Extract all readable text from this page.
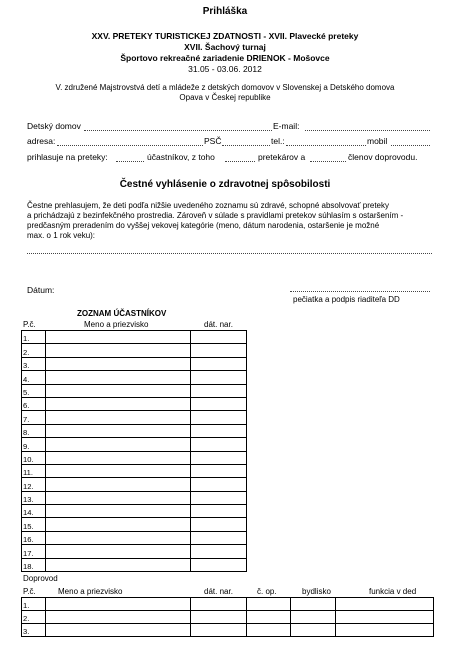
Prihláška
XXV. PRETEKY TURISTICKEJ ZDATNOSTI - XVII. Plavecké preteky
XVII. Šachový turnaj
Športovo rekreačné zariadenie DRIENOK - Mošovce
31.05 - 03.06. 2012
V. združené Majstrovstvá detí a mládeže z detských domovov v Slovenskej a Detského domova
Opava v Českej republike
Detský domov	E-mail:
adresa:	PSČ	tel.:	mobil
prihlasuje na preteky:	účastníkov, z toho	pretekárov a	členov doprovodu.
Čestné vyhlásenie o zdravotnej spôsobilosti
Čestne prehlasujem, že deti podľa nižšie uvedeného zoznamu sú zdravé, schopné absolvovať preteky
a prichádzajú z bezinfekčného prostredia. Zároveň v súlade s pravidlami pretekov súhlasím s ostaršením -
predčasným preradením do vyššej vekovej kategórie (meno, dátum narodenia, ostaršenie je možné
max. o 1 rok veku):
Dátum:
pečiatka a podpis riaditeľa DD
ZOZNAM ÚČASTNÍKOV
P.č.	Meno a priezvisko	dát. nar.
1.		
2.		
3.		
4.		
5.		
6.		
7.		
8.		
9.		
10.		
11.		
12.		
13.		
14.		
15.		
16.		
17.		
18.		
Doprovod
P.č.	Meno a priezvisko	dát. nar.	č. op.	bydlisko	funkcia v ded
1.					
2.					
3.					
